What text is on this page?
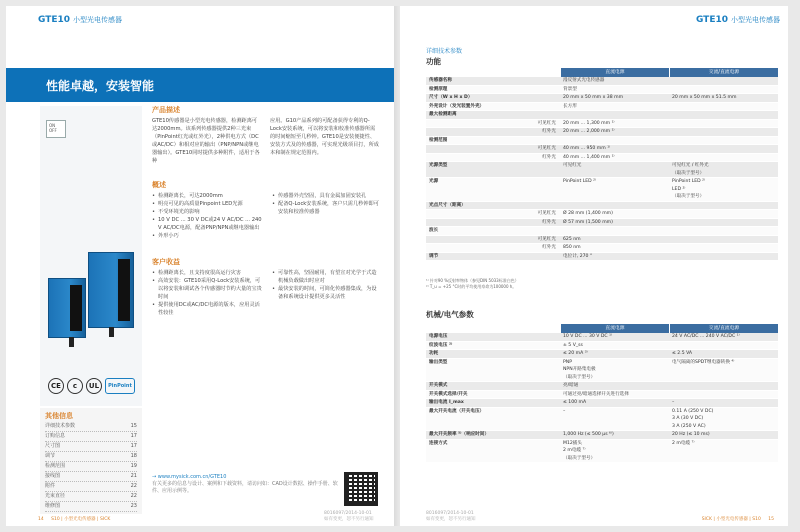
GTE10 小型光电传感器
性能卓越，安装智能
ON
OFF
CE	c	UL	PinPoint
其他信息
详细技术参数	15
订购信息	17
尺寸图	17
调节	18
检测范围	19
接线图	21
附件	22
光束直径	22
维修图	23
产品描述
GTE10传感器是小型光电传感器，检测距离可达2000mm。该系列传感器提供2种三光束（PinPoint红光或红外光），2种供电方式（DC或AC/DC）和相对应的输出（PNP/NPN或继电器输出）。GTE10同时提供多种附件，适用于各种
应用。G10产品系列的可配备获得专利的Q-Lock安装系统，可以将安装和校准传感器所需的时间缩短至几秒钟。GTE10是安装便捷性、安装方式及的传感器，可实现光级项目打，所成本和制在规定范围内。
概述
• 检测距离长，可达2000mm
• 明亮可见的高质量Pinpoint LED光源
• 不受环境光的影响
• 10 V DC ... 30 V DC或24 V AC/DC ... 240 V AC/DC电源，配备PNP/NPN或继电器输出
• 外形小巧
• 传感器外壳坚固，具有金属加固安装孔
• 配备Q-Lock安装系统，客户只需几秒钟即可安装和校准传感器
客户收益
• 检测距离长，且支持度很高运行灾害
• 高效安装：GTE10采用Q-Lock安装系统，可以将安装和调试各个传感器时节约大量的宝贵时间
• 提供使用DC或AC/DC电源的版本，应用灵活性较佳
• 可靠性高，坚固耐用，有望宣对光学于式造机械负载做出时应对
• 最快安装的时间，可简化传感器集成，为设备和系统设计提供更多灵活性
→ www.mysick.com.cn/GTE10
有关更多的信息与设计、案例和下载资料，请访问如：CAD设计数据、操作手册、软件、应用示例等。
14 S10 | 小型光电传感器 | SICK
8016097/2014-10-01
如有变更，恕不另行通知
GTE10 小型光电传感器
详细技术参数
功能
直流电源	交流/直流电源
传感器名称	漫反射式光电传感器
检测原理	背景型
尺寸（W x H x D）	20 mm x 50 mm x 38 mm	20 mm x 50 mm x 51.5 mm
外壳设计（发光装置外壳）	长方形
最大检测距离
可见红光	20 mm ... 1,300 mm ¹⁾
红外光	20 mm ... 2,000 mm ¹⁾
检测范围
可见红光	40 mm ... 950 mm ¹⁾
红外光	40 mm ... 1,400 mm ¹⁾
光源类型	可见红光	可见红光 / 红外光
（取决于型号）
光源	PinPoint LED ²⁾	PinPoint LED ²⁾
LED ²⁾
（取决于型号）
光点尺寸（距离）
可见红光	Ø 28 mm (1,400 mm)
红外光	Ø 57 mm (1,500 mm)
波长
可见红光	625 nm
红外光	850 nm
调节	电位计, 270 °
¹⁾ 针对90 %反射率物体（参见DIN 5033标准白色）
²⁾ T_u = +25 °C时的平均使用寿命为100000 h。
机械/电气参数
直流电源	交流/直流电源
电源电压	10 V DC ... 30 V DC ¹⁾	24 V AC/DC ... 240 V AC/DC ¹⁾
纹波电压 ²⁾	± 5 V_ss
功耗	≤ 20 mA ³⁾	≤ 2.5 VA
输出类型	PNP
NPN开路集电极
（取决于型号）
电气隔离的SPDT继电器转换 ⁴⁾
开关模式	亮/暗通
开关模式选择/开关	可通过亮/暗通选择开关进行选择
输出电流 I_max	≤ 100 mA	–
最大开关电流（开关电压）	–	0.11 A (250 V DC)
3 A (30 V DC)
3 A (250 V AC)
最大开关频率 ⁵⁾（响应时间）	1,000 Hz (≤ 500 µs ⁶⁾)	20 Hz (≤ 10 ms)
连接方式	M12插头
2 m电缆 ⁷⁾
（取决于型号）
2 m电缆 ⁷⁾
8016097/2014-10-01
如有变更，恕不另行通知	SICK | 小型光电传感器 | S10 15
